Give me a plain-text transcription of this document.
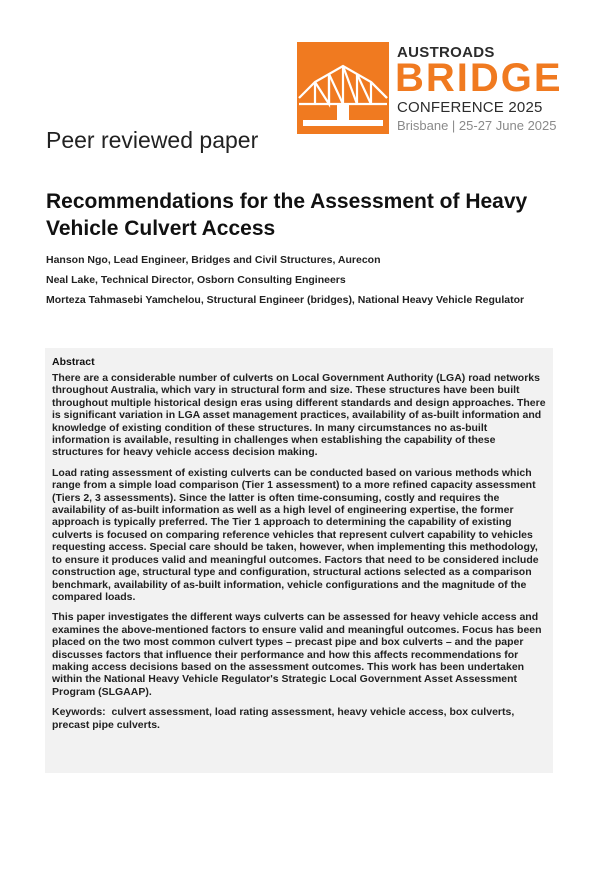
AUSTROADS
BRIDGE
CONFERENCE 2025
Brisbane | 25-27 June 2025
Peer reviewed paper
Recommendations for the Assessment of Heavy Vehicle Culvert Access
Hanson Ngo, Lead Engineer, Bridges and Civil Structures, Aurecon
Neal Lake, Technical Director, Osborn Consulting Engineers
Morteza Tahmasebi Yamchelou, Structural Engineer (bridges), National Heavy Vehicle Regulator
Abstract

There are a considerable number of culverts on Local Government Authority (LGA) road networks throughout Australia, which vary in structural form and size. These structures have been built throughout multiple historical design eras using different standards and design approaches. There is significant variation in LGA asset management practices, availability of as-built information and knowledge of existing condition of these structures. In many circumstances no as-built information is available, resulting in challenges when establishing the capability of these structures for heavy vehicle access decision making.

Load rating assessment of existing culverts can be conducted based on various methods which range from a simple load comparison (Tier 1 assessment) to a more refined capacity assessment (Tiers 2, 3 assessments). Since the latter is often time-consuming, costly and requires the availability of as-built information as well as a high level of engineering expertise, the former approach is typically preferred. The Tier 1 approach to determining the capability of existing culverts is focused on comparing reference vehicles that represent culvert capability to vehicles requesting access. Special care should be taken, however, when implementing this methodology, to ensure it produces valid and meaningful outcomes. Factors that need to be considered include construction age, structural type and configuration, structural actions selected as a comparison benchmark, availability of as-built information, vehicle configurations and the magnitude of the compared loads.

This paper investigates the different ways culverts can be assessed for heavy vehicle access and examines the above-mentioned factors to ensure valid and meaningful outcomes. Focus has been placed on the two most common culvert types – precast pipe and box culverts – and the paper discusses factors that influence their performance and how this affects recommendations for making access decisions based on the assessment outcomes. This work has been undertaken within the National Heavy Vehicle Regulator's Strategic Local Government Asset Assessment Program (SLGAAP).

Keywords: culvert assessment, load rating assessment, heavy vehicle access, box culverts, precast pipe culverts.
